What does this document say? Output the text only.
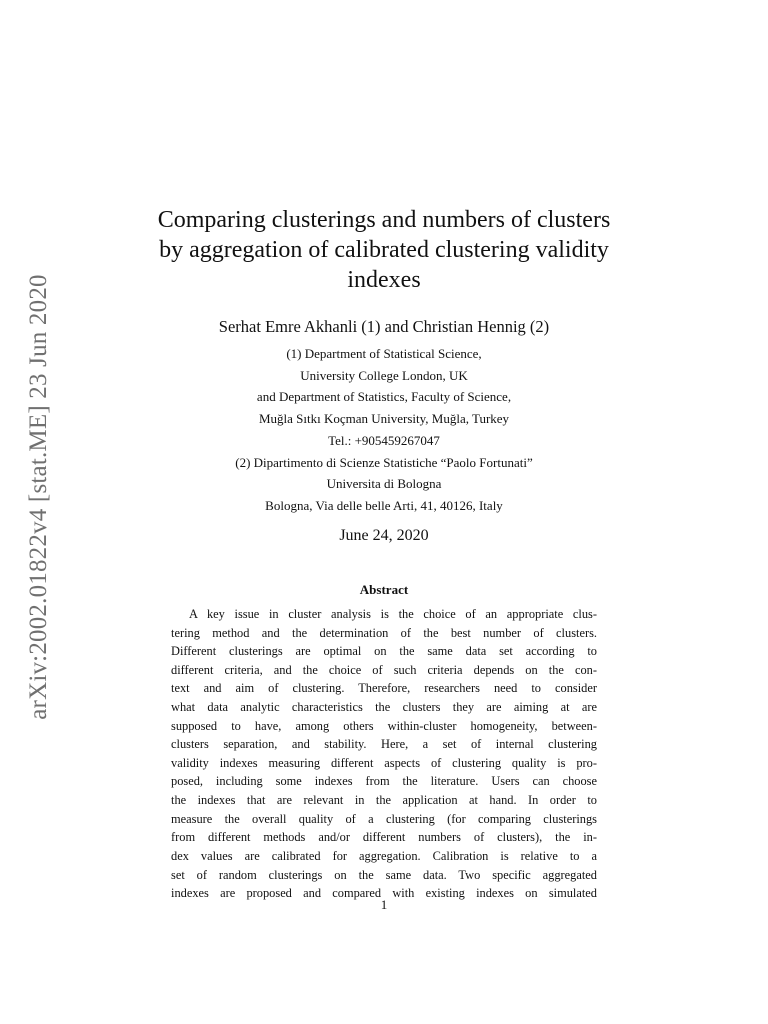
arXiv:2002.01822v4 [stat.ME] 23 Jun 2020
Comparing clusterings and numbers of clusters
by aggregation of calibrated clustering validity
indexes
Serhat Emre Akhanli (1) and Christian Hennig (2)
(1) Department of Statistical Science,
University College London, UK
and Department of Statistics, Faculty of Science,
Muğla Sıtkı Koçman University, Muğla, Turkey
Tel.: +905459267047
(2) Dipartimento di Scienze Statistiche “Paolo Fortunati”
Universita di Bologna
Bologna, Via delle belle Arti, 41, 40126, Italy
June 24, 2020
Abstract
A key issue in cluster analysis is the choice of an appropriate clus-
tering method and the determination of the best number of clusters.
Different clusterings are optimal on the same data set according to
different criteria, and the choice of such criteria depends on the con-
text and aim of clustering. Therefore, researchers need to consider
what data analytic characteristics the clusters they are aiming at are
supposed to have, among others within-cluster homogeneity, between-
clusters separation, and stability. Here, a set of internal clustering
validity indexes measuring different aspects of clustering quality is pro-
posed, including some indexes from the literature. Users can choose
the indexes that are relevant in the application at hand. In order to
measure the overall quality of a clustering (for comparing clusterings
from different methods and/or different numbers of clusters), the in-
dex values are calibrated for aggregation. Calibration is relative to a
set of random clusterings on the same data. Two specific aggregated
indexes are proposed and compared with existing indexes on simulated
1
